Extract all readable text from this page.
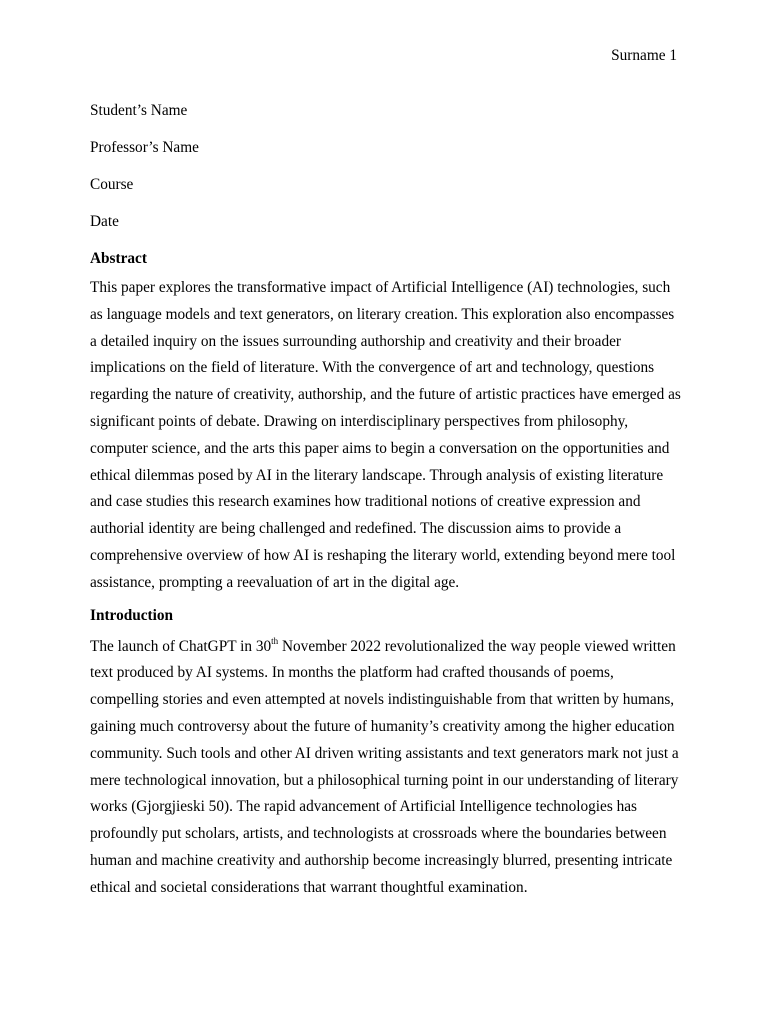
Surname 1

Student’s Name

Professor’s Name

Course

Date

Abstract

This paper explores the transformative impact of Artificial Intelligence (AI) technologies, such as language models and text generators, on literary creation. This exploration also encompasses a detailed inquiry on the issues surrounding authorship and creativity and their broader implications on the field of literature. With the convergence of art and technology, questions regarding the nature of creativity, authorship, and the future of artistic practices have emerged as significant points of debate. Drawing on interdisciplinary perspectives from philosophy, computer science, and the arts this paper aims to begin a conversation on the opportunities and ethical dilemmas posed by AI in the literary landscape. Through analysis of existing literature and case studies this research examines how traditional notions of creative expression and authorial identity are being challenged and redefined. The discussion aims to provide a comprehensive overview of how AI is reshaping the literary world, extending beyond mere tool assistance, prompting a reevaluation of art in the digital age.

Introduction

The launch of ChatGPT in 30th November 2022 revolutionalized the way people viewed written text produced by AI systems. In months the platform had crafted thousands of poems, compelling stories and even attempted at novels indistinguishable from that written by humans, gaining much controversy about the future of humanity’s creativity among the higher education community. Such tools and other AI driven writing assistants and text generators mark not just a mere technological innovation, but a philosophical turning point in our understanding of literary works (Gjorgjieski 50). The rapid advancement of Artificial Intelligence technologies has profoundly put scholars, artists, and technologists at crossroads where the boundaries between human and machine creativity and authorship become increasingly blurred, presenting intricate ethical and societal considerations that warrant thoughtful examination.
